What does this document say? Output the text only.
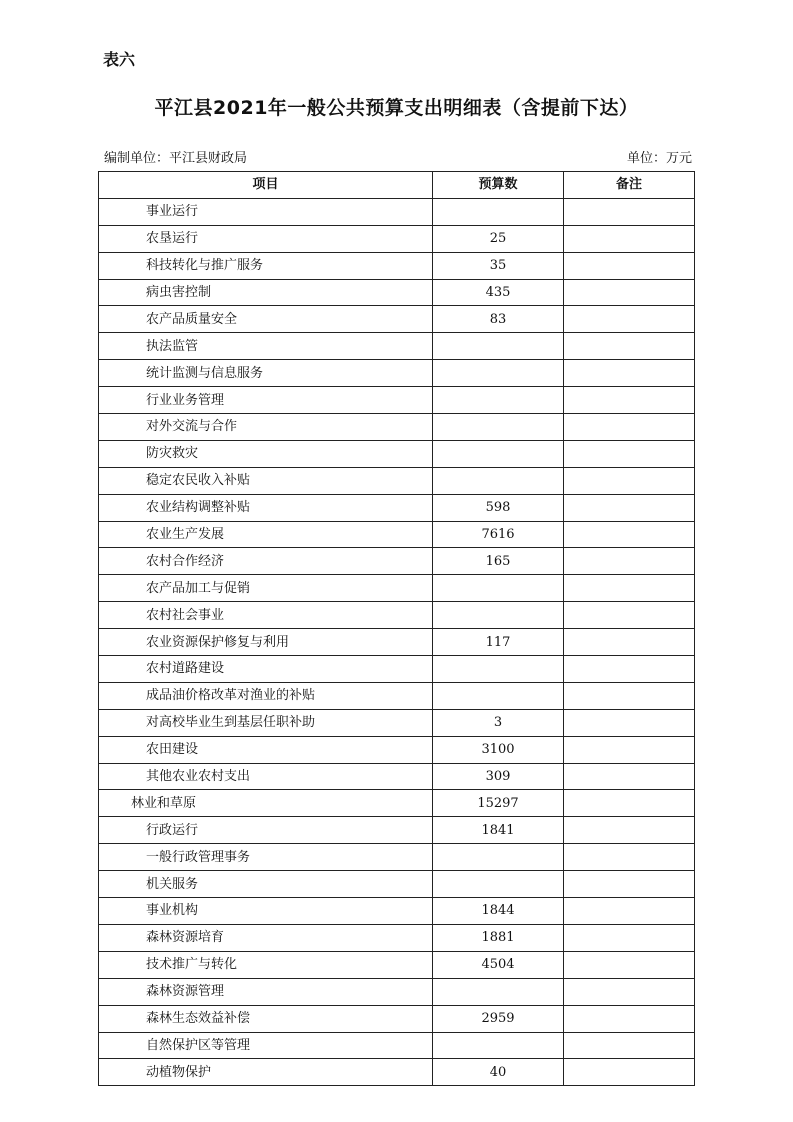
表六
平江县2021年一般公共预算支出明细表（含提前下达）
编制单位：平江县财政局	单位：万元
项目	预算数	备注
事业运行		
农垦运行	25	
科技转化与推广服务	35	
病虫害控制	435	
农产品质量安全	83	
执法监管		
统计监测与信息服务		
行业业务管理		
对外交流与合作		
防灾救灾		
稳定农民收入补贴		
农业结构调整补贴	598	
农业生产发展	7616	
农村合作经济	165	
农产品加工与促销		
农村社会事业		
农业资源保护修复与利用	117	
农村道路建设		
成品油价格改革对渔业的补贴		
对高校毕业生到基层任职补助	3	
农田建设	3100	
其他农业农村支出	309	
林业和草原	15297	
行政运行	1841	
一般行政管理事务		
机关服务		
事业机构	1844	
森林资源培育	1881	
技术推广与转化	4504	
森林资源管理		
森林生态效益补偿	2959	
自然保护区等管理		
动植物保护	40	
